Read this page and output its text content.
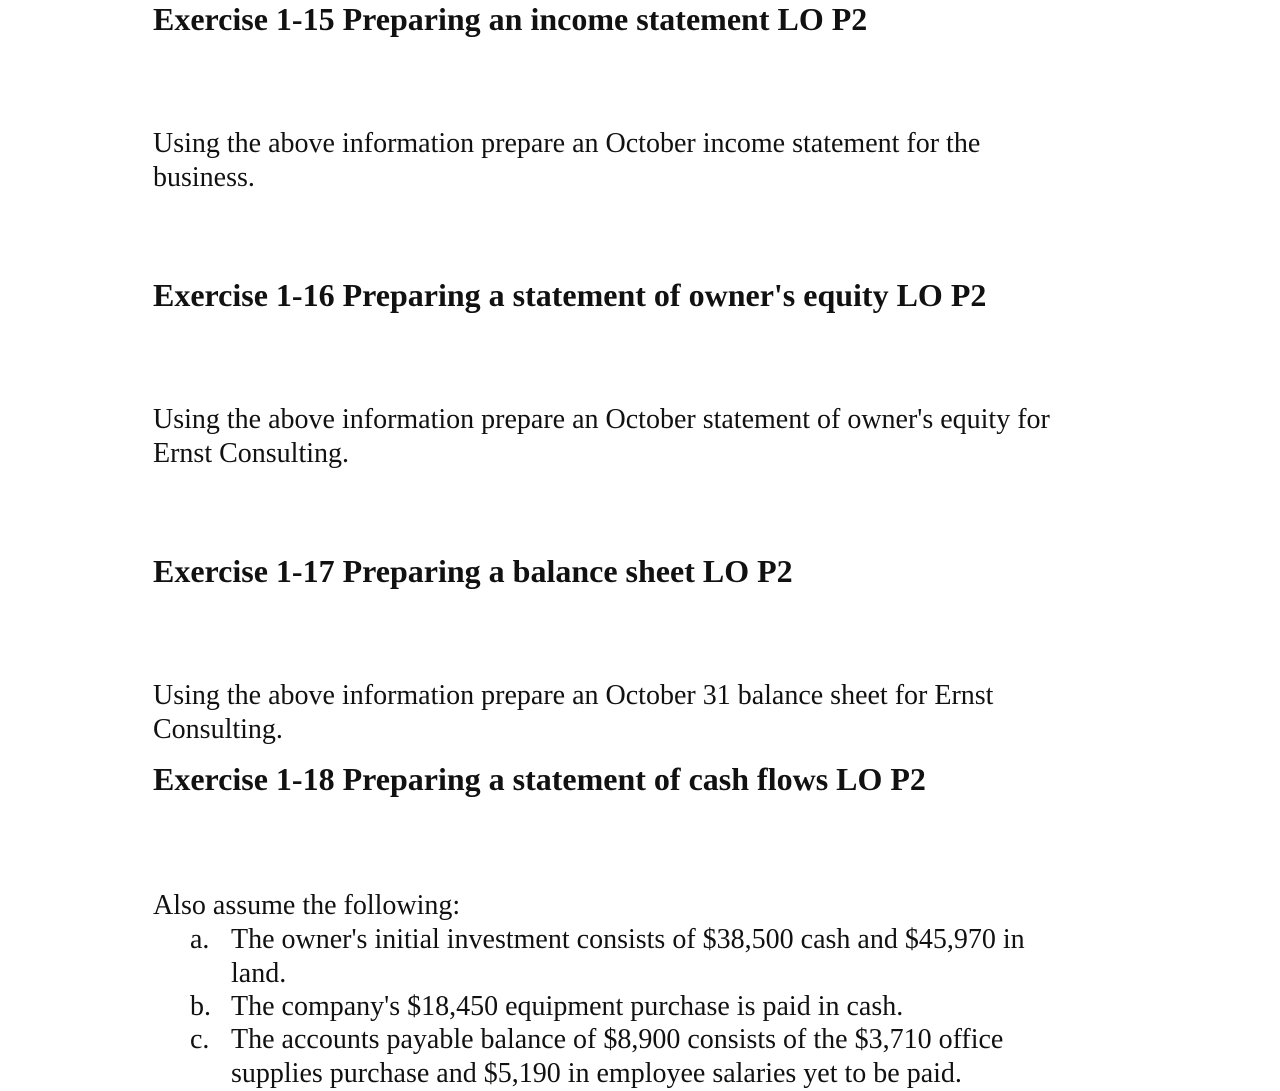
Exercise 1-15 Preparing an income statement LO P2

Using the above information prepare an October income statement for the business.

Exercise 1-16 Preparing a statement of owner's equity LO P2

Using the above information prepare an October statement of owner's equity for Ernst Consulting.

Exercise 1-17 Preparing a balance sheet LO P2

Using the above information prepare an October 31 balance sheet for Ernst Consulting.

Exercise 1-18 Preparing a statement of cash flows LO P2

Also assume the following:

a. The owner's initial investment consists of $38,500 cash and $45,970 in land.
b. The company's $18,450 equipment purchase is paid in cash.
c. The accounts payable balance of $8,900 consists of the $3,710 office supplies purchase and $5,190 in employee salaries yet to be paid.
